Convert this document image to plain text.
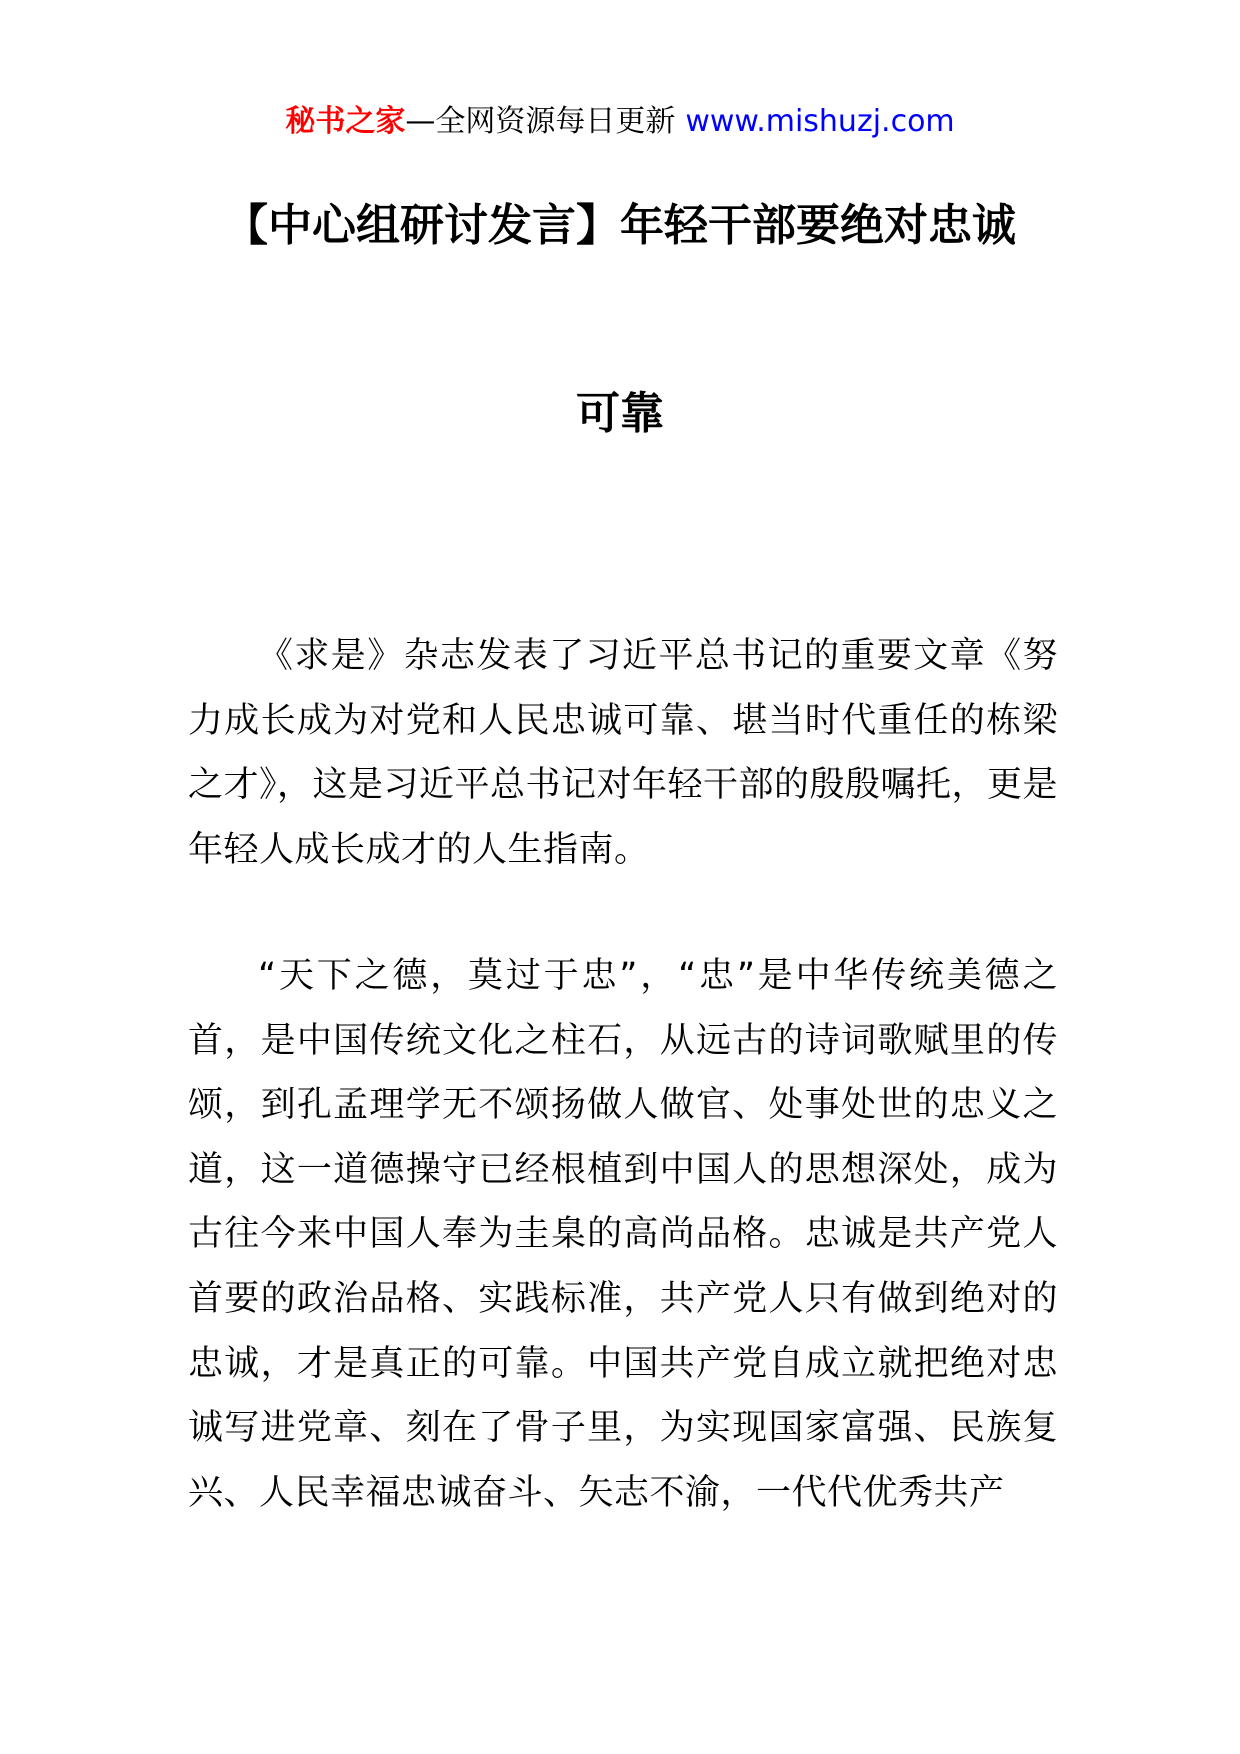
秘书之家—全网资源每日更新 www.mishuzj.com
【中心组研讨发言】年轻干部要绝对忠诚
可靠

《求是》杂志发表了习近平总书记的重要文章《努力成长成为对党和人民忠诚可靠、堪当时代重任的栋梁之才》，这是习近平总书记对年轻干部的殷殷嘱托，更是年轻人成长成才的人生指南。

“天下之德，莫过于忠”，“忠”是中华传统美德之首，是中国传统文化之柱石，从远古的诗词歌赋里的传颂，到孔孟理学无不颂扬做人做官、处事处世的忠义之道，这一道德操守已经根植到中国人的思想深处，成为古往今来中国人奉为圭臬的高尚品格。忠诚是共产党人首要的政治品格、实践标准，共产党人只有做到绝对的忠诚，才是真正的可靠。中国共产党自成立就把绝对忠诚写进党章、刻在了骨子里，为实现国家富强、民族复兴、人民幸福忠诚奋斗、矢志不渝，一代代优秀共产
